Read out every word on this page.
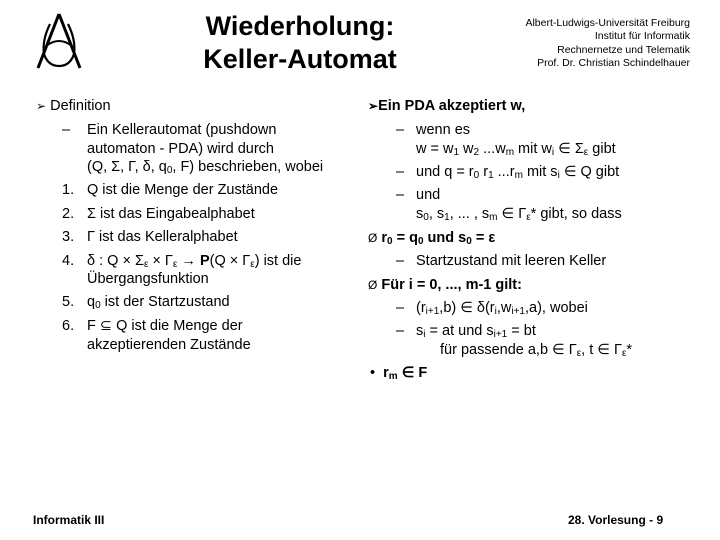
Wiederholung:
Keller-Automat
Albert-Ludwigs-Universität Freiburg
Institut für Informatik
Rechnernetze und Telematik
Prof. Dr. Christian Schindelhauer
➢ Definition
– Ein Kellerautomat (pushdown
automaton - PDA) wird durch
(Q, Σ, Γ, δ, $q_0$, F) beschrieben, wobei
1. Q ist die Menge der Zustände
2. Σ ist das Eingabealphabet
3. Γ ist das Kelleralphabet
4. δ : $Q \times \Sigma_\varepsilon \times \Gamma_\varepsilon \to P(Q \times \Gamma_\varepsilon)$ ist die
Übergangsfunktion
5. $q_0$ ist der Startzustand
6. F ⊆ Q ist die Menge der
akzeptierenden Zustände
➢Ein PDA akzeptiert w,
– wenn es
$w = w_1$ $w_2$ $...w_m$ mit $w_i$ ∈ $\Sigma_\varepsilon$ gibt
– und $q = r_0$ $r_1$ $...r_m$ mit $s_i$ ∈ Q gibt
– und
$s_0$, $s_1$, ... , $s_m$ ∈ $\Gamma_\varepsilon*$ gibt, so dass
Ø $r_0 = q_0$ und $s_0 = \varepsilon$
– Startzustand mit leeren Keller
Ø Für i = 0, ..., m-1 gilt:
– $(r_{i+1},b)$ ∈ $\delta(r_i,w_{i+1},a)$, wobei
– $s_i$ = at und $s_{i+1}$ = bt
für passende a,b ∈ $\Gamma_\varepsilon$, t ∈ $\Gamma_\varepsilon*$
•  $r_m$ ∈ F
Informatik III	28. Vorlesung - 9
